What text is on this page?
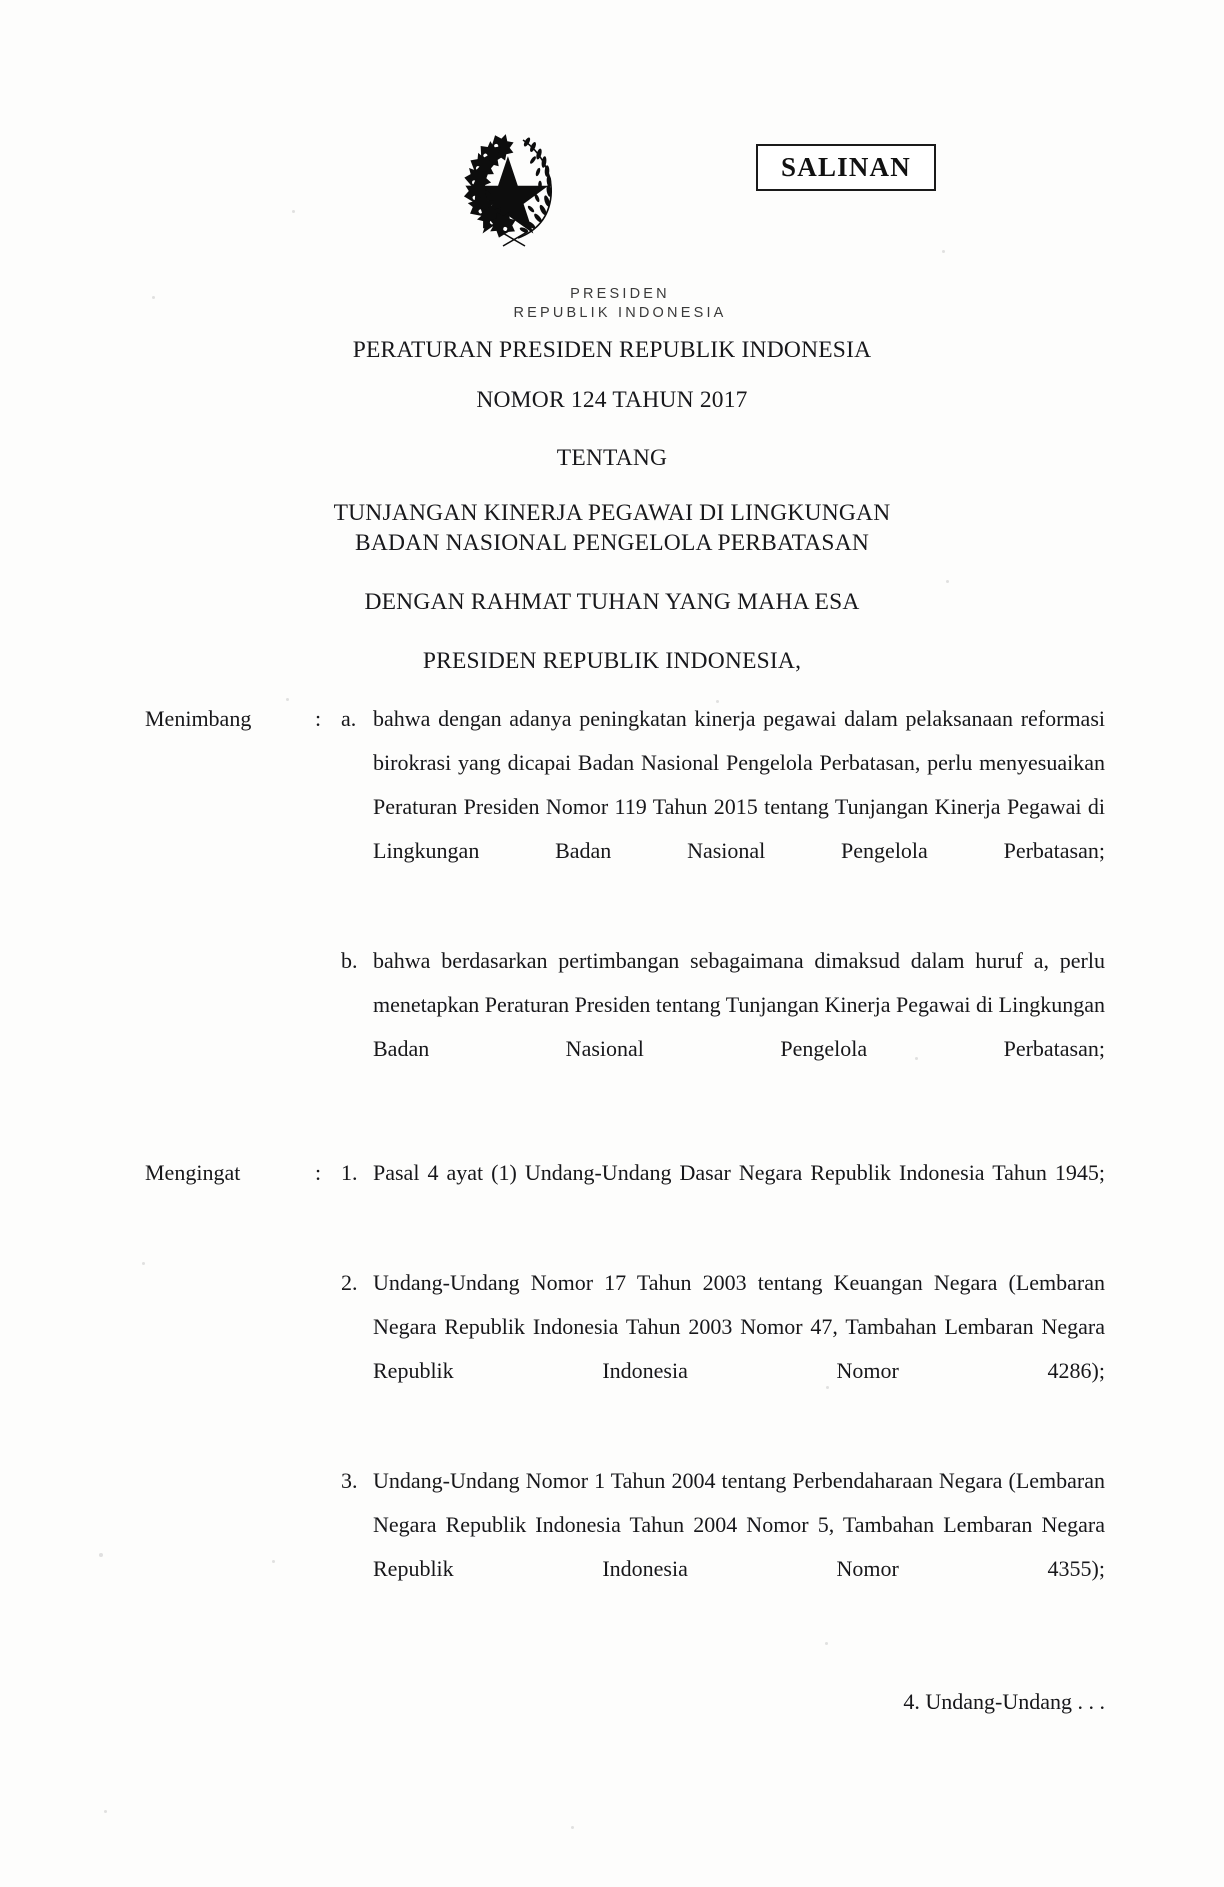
SALINAN
PRESIDEN
REPUBLIK INDONESIA
PERATURAN PRESIDEN REPUBLIK INDONESIA
NOMOR 124 TAHUN 2017
TENTANG
TUNJANGAN KINERJA PEGAWAI DI LINGKUNGAN
BADAN NASIONAL PENGELOLA PERBATASAN
DENGAN RAHMAT TUHAN YANG MAHA ESA
PRESIDEN REPUBLIK INDONESIA,
Menimbang	: a. bahwa dengan adanya peningkatan kinerja pegawai dalam pelaksanaan reformasi birokrasi yang dicapai Badan Nasional Pengelola Perbatasan, perlu menyesuaikan Peraturan Presiden Nomor 119 Tahun 2015 tentang Tunjangan Kinerja Pegawai di Lingkungan Badan Nasional Pengelola Perbatasan;
b. bahwa berdasarkan pertimbangan sebagaimana dimaksud dalam huruf a, perlu menetapkan Peraturan Presiden tentang Tunjangan Kinerja Pegawai di Lingkungan Badan Nasional Pengelola Perbatasan;
Mengingat	: 1. Pasal 4 ayat (1) Undang-Undang Dasar Negara Republik Indonesia Tahun 1945;
2. Undang-Undang Nomor 17 Tahun 2003 tentang Keuangan Negara (Lembaran Negara Republik Indonesia Tahun 2003 Nomor 47, Tambahan Lembaran Negara Republik Indonesia Nomor 4286);
3. Undang-Undang Nomor 1 Tahun 2004 tentang Perbendaharaan Negara (Lembaran Negara Republik Indonesia Tahun 2004 Nomor 5, Tambahan Lembaran Negara Republik Indonesia Nomor 4355);
4. Undang-Undang . . .
